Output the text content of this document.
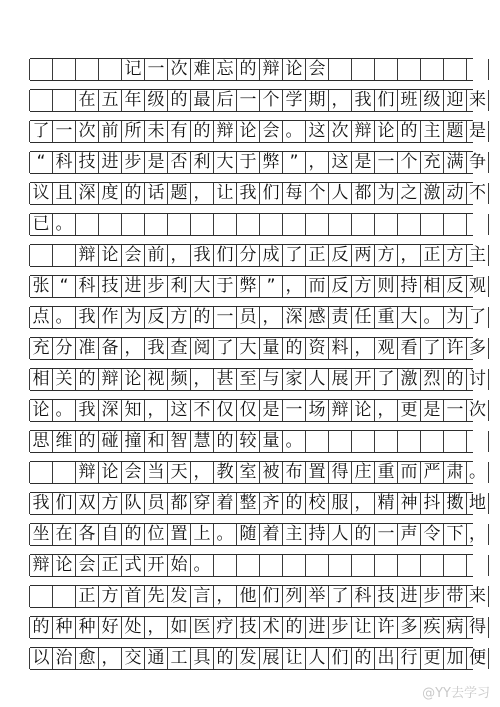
记 一 次 难 忘 的 辩 论 会
在 五 年 级 的 最 后 一 个 学 期 ， 我 们 班 级 迎 来
了 一 次 前 所 未 有 的 辩 论 会 。 这 次 辩 论 的 主 题 是
“ 科 技 进 步 是 否 利 大 于 弊 ” ， 这 是 一 个 充 满 争
议 且 深 度 的 话 题 ， 让 我 们 每 个 人 都 为 之 激 动 不
已 。
辩 论 会 前 ， 我 们 分 成 了 正 反 两 方 ， 正 方 主
张 “ 科 技 进 步 利 大 于 弊 ” ， 而 反 方 则 持 相 反 观
点 。 我 作 为 反 方 的 一 员 ， 深 感 责 任 重 大 。 为 了
充 分 准 备 ， 我 查 阅 了 大 量 的 资 料 ， 观 看 了 许 多
相 关 的 辩 论 视 频 ， 甚 至 与 家 人 展 开 了 激 烈 的 讨
论 。 我 深 知 ， 这 不 仅 仅 是 一 场 辩 论 ， 更 是 一 次
思 维 的 碰 撞 和 智 慧 的 较 量 。
辩 论 会 当 天 ， 教 室 被 布 置 得 庄 重 而 严 肃 。
我 们 双 方 队 员 都 穿 着 整 齐 的 校 服 ， 精 神 抖 擞 地
坐 在 各 自 的 位 置 上 。 随 着 主 持 人 的 一 声 令 下 ，
辩 论 会 正 式 开 始 。
正 方 首 先 发 言 ， 他 们 列 举 了 科 技 进 步 带 来
的 种 种 好 处 ， 如 医 疗 技 术 的 进 步 让 许 多 疾 病 得
以 治 愈 ， 交 通 工 具 的 发 展 让 人 们 的 出 行 更 加 便
@YY去学习
